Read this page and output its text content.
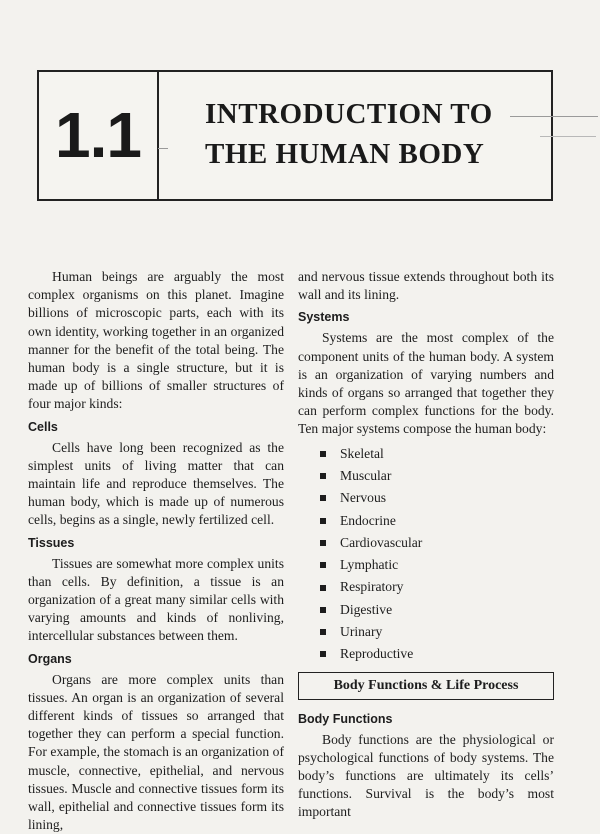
1.1	INTRODUCTION TO
THE HUMAN BODY

Human beings are arguably the most complex organisms on this planet. Imagine billions of microscopic parts, each with its own identity, working together in an organized manner for the benefit of the total being. The human body is a single structure, but it is made up of billions of smaller structures of four major kinds:

Cells

Cells have long been recognized as the simplest units of living matter that can maintain life and reproduce themselves. The human body, which is made up of numerous cells, begins as a single, newly fertilized cell.

Tissues

Tissues are somewhat more complex units than cells. By definition, a tissue is an organization of a great many similar cells with varying amounts and kinds of nonliving, intercellular substances between them.

Organs

Organs are more complex units than tissues. An organ is an organization of several different kinds of tissues so arranged that together they can perform a special function. For example, the stomach is an organization of muscle, connective, epithelial, and nervous tissues. Muscle and connective tissues form its wall, epithelial and connective tissues form its lining,

and nervous tissue extends throughout both its wall and its lining.

Systems

Systems are the most complex of the component units of the human body. A system is an organization of varying numbers and kinds of organs so arranged that together they can perform complex functions for the body. Ten major systems compose the human body:

Skeletal
Muscular
Nervous
Endocrine
Cardiovascular
Lymphatic
Respiratory
Digestive
Urinary
Reproductive
Body Functions & Life Process
Body Functions

Body functions are the physiological or psychological functions of body systems. The body’s functions are ultimately its cells’ functions. Survival is the body’s most important
